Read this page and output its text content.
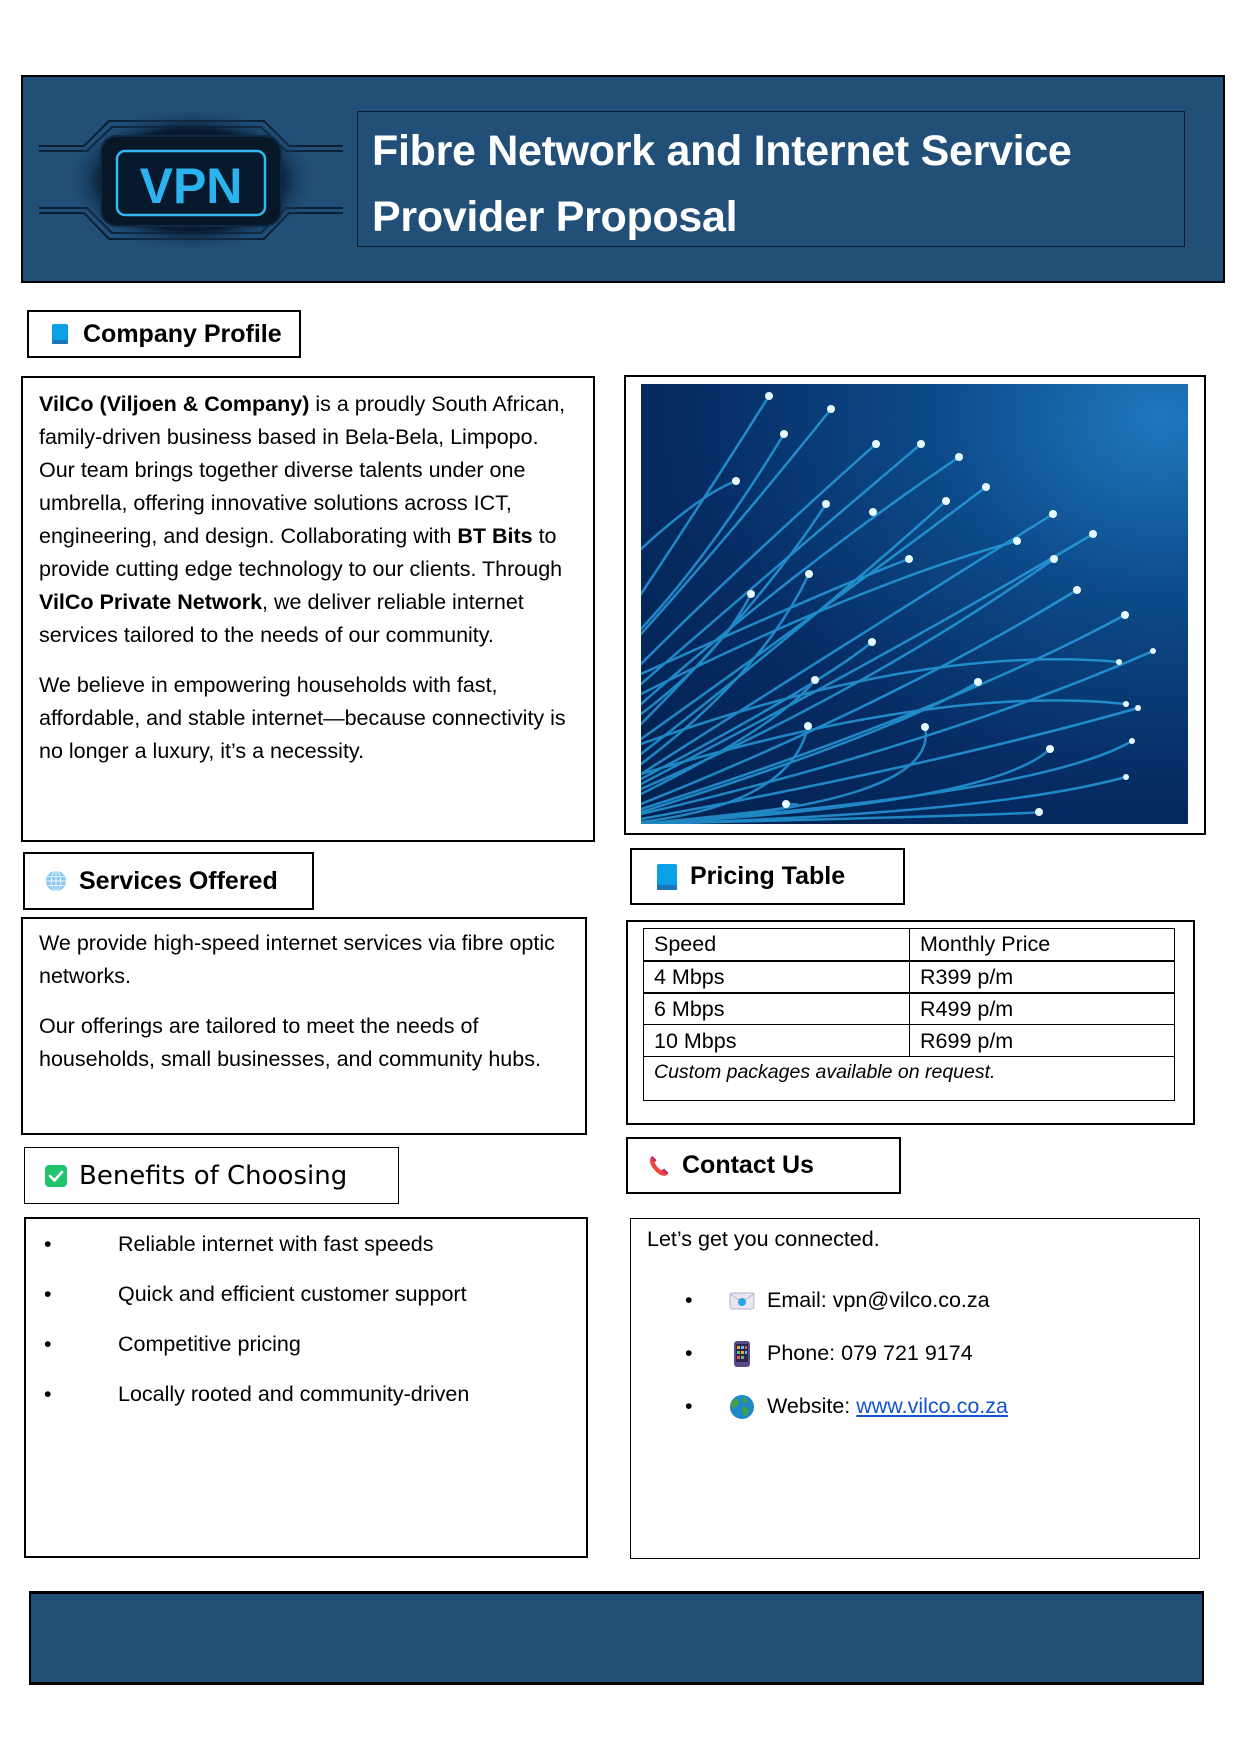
VPN
Fibre Network and Internet Service
Provider Proposal
Company Profile

VilCo (Viljoen & Company) is a proudly South African, family-driven business based in Bela-Bela, Limpopo. Our team brings together diverse talents under one umbrella, offering innovative solutions across ICT, engineering, and design. Collaborating with BT Bits to provide cutting edge technology to our clients. Through VilCo Private Network, we deliver reliable internet services tailored to the needs of our community.

We believe in empowering households with fast, affordable, and stable internet—because connectivity is no longer a luxury, it’s a necessity.

Services Offered

We provide high-speed internet services via fibre optic networks.

Our offerings are tailored to meet the needs of households, small businesses, and community hubs.

Pricing Table
Speed	Monthly Price
4 Mbps	R399 p/m
6 Mbps	R499 p/m
10 Mbps	R699 p/m
Custom packages available on request.	
Benefits of Choosing
•	Reliable internet with fast speeds
•	Quick and efficient customer support
•	Competitive pricing
•	Locally rooted and community-driven
Contact Us

Let’s get you connected.

•	Email:
vpn@vilco.co.za
•	Phone:
079 721 9174
•	Website:
www.vilco.co.za
